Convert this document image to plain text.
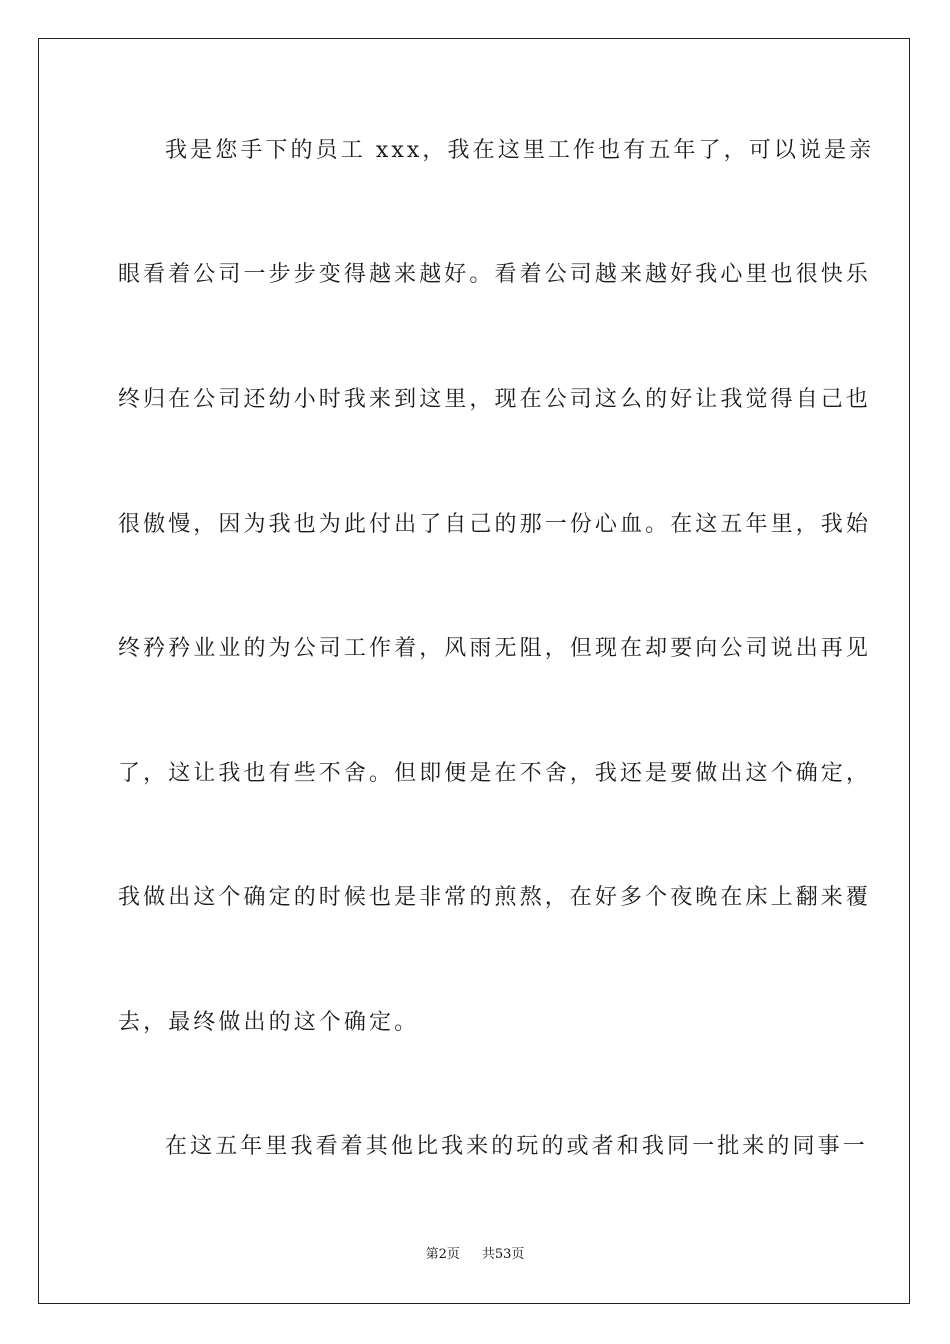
我是您手下的员工 xxx，我在这里工作也有五年了，可以说是亲
眼看着公司一步步变得越来越好。看着公司越来越好我心里也很快乐
终归在公司还幼小时我来到这里，现在公司这么的好让我觉得自己也
很傲慢，因为我也为此付出了自己的那一份心血。在这五年里，我始
终矜矜业业的为公司工作着，风雨无阻，但现在却要向公司说出再见
了，这让我也有些不舍。但即便是在不舍，我还是要做出这个确定，
我做出这个确定的时候也是非常的煎熬，在好多个夜晚在床上翻来覆
去，最终做出的这个确定。
在这五年里我看着其他比我来的玩的或者和我同一批来的同事一
第2页 共53页
